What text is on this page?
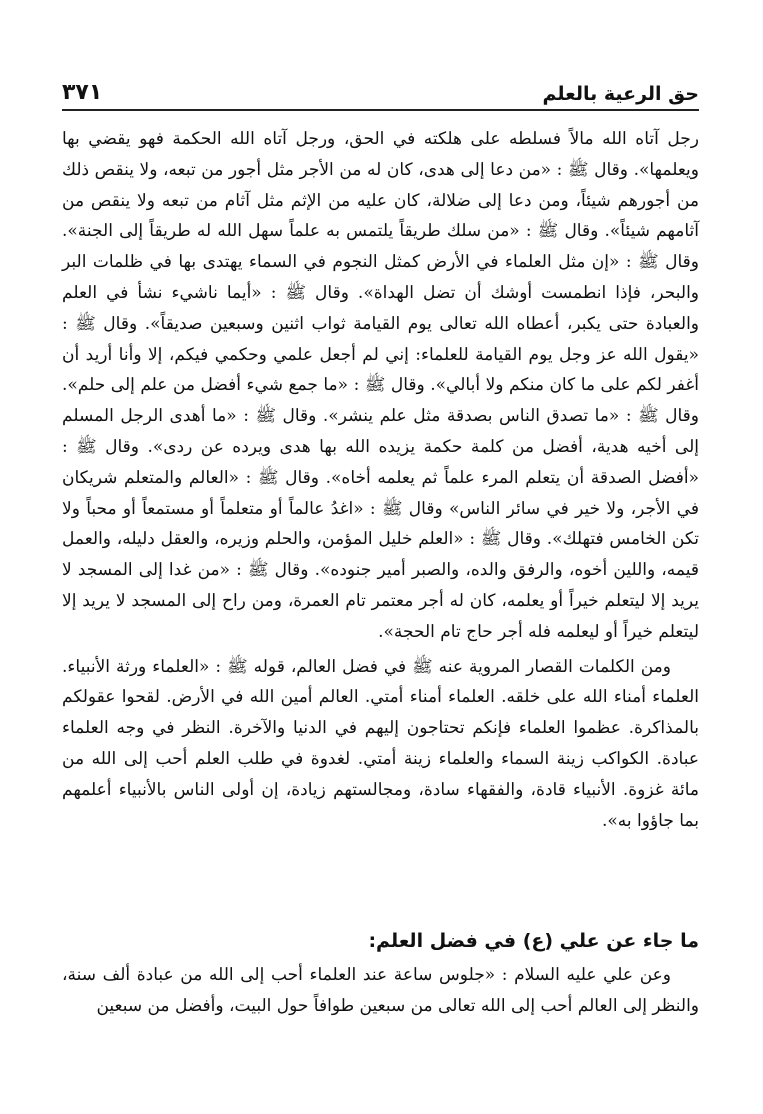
حق الرعية بالعلم
٣٧١

رجل آتاه الله مالاً فسلطه على هلكته في الحق، ورجل آتاه الله الحكمة فهو يقضي بها ويعلمها». وقال ﷺ : «من دعا إلى هدى، كان له من الأجر مثل أجور من تبعه، ولا ينقص ذلك من أجورهم شيئاً، ومن دعا إلى ضلالة، كان عليه من الإثم مثل آثام من تبعه ولا ينقص من آثامهم شيئاً». وقال ﷺ : «من سلك طريقاً يلتمس به علماً سهل الله له طريقاً إلى الجنة». وقال ﷺ : «إن مثل العلماء في الأرض كمثل النجوم في السماء يهتدى بها في ظلمات البر والبحر، فإذا انطمست أوشك أن تضل الهداة». وقال ﷺ : «أيما ناشيء نشأ في العلم والعبادة حتى يكبر، أعطاه الله تعالى يوم القيامة ثواب اثنين وسبعين صديقاً». وقال ﷺ : «يقول الله عز وجل يوم القيامة للعلماء: إني لم أجعل علمي وحكمي فيكم، إلا وأنا أريد أن أغفر لكم على ما كان منكم ولا أبالي». وقال ﷺ : «ما جمع شيء أفضل من علم إلى حلم». وقال ﷺ : «ما تصدق الناس بصدقة مثل علم ينشر». وقال ﷺ : «ما أهدى الرجل المسلم إلى أخيه هدية، أفضل من كلمة حكمة يزيده الله بها هدى ويرده عن ردى». وقال ﷺ : «أفضل الصدقة أن يتعلم المرء علماً ثم يعلمه أخاه». وقال ﷺ : «العالم والمتعلم شريكان في الأجر، ولا خير في سائر الناس» وقال ﷺ : «اغدُ عالماً أو متعلماً أو مستمعاً أو محباً ولا تكن الخامس فتهلك». وقال ﷺ : «العلم خليل المؤمن، والحلم وزيره، والعقل دليله، والعمل قيمه، واللين أخوه، والرفق والده، والصبر أمير جنوده». وقال ﷺ : «من غدا إلى المسجد لا يريد إلا ليتعلم خيراً أو يعلمه، كان له أجر معتمر تام العمرة، ومن راح إلى المسجد لا يريد إلا ليتعلم خيراً أو ليعلمه فله أجر حاج تام الحجة».

ومن الكلمات القصار المروية عنه ﷺ في فضل العالم، قوله ﷺ : «العلماء ورثة الأنبياء. العلماء أمناء الله على خلقه. العلماء أمناء أمتي. العالم أمين الله في الأرض. لقحوا عقولكم بالمذاكرة. عظموا العلماء فإنكم تحتاجون إليهم في الدنيا والآخرة. النظر في وجه العلماء عبادة. الكواكب زينة السماء والعلماء زينة أمتي. لغدوة في طلب العلم أحب إلى الله من مائة غزوة. الأنبياء قادة، والفقهاء سادة، ومجالستهم زيادة، إن أولى الناس بالأنبياء أعلمهم بما جاؤوا به».

ما جاء عن علي (ع) في فضل العلم:

وعن علي عليه السلام : «جلوس ساعة عند العلماء أحب إلى الله من عبادة ألف سنة، والنظر إلى العالم أحب إلى الله تعالى من سبعين طوافاً حول البيت، وأفضل من سبعين
